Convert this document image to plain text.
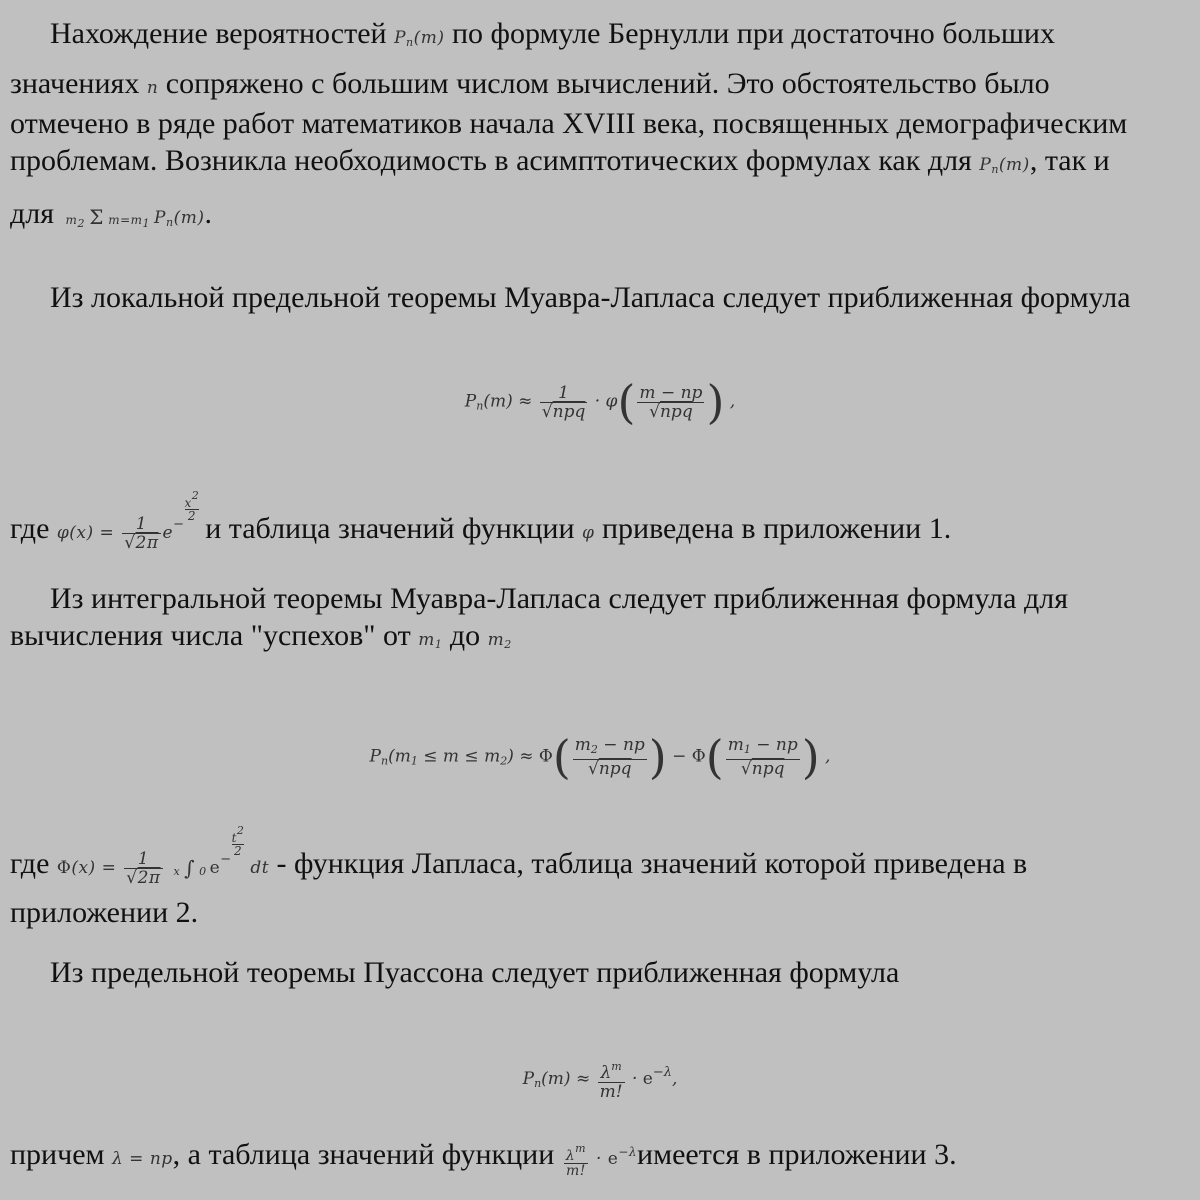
Нахождение вероятностей $P_n(m)$ по формуле Бернулли при достаточно больших
значениях n сопряжено с большим числом вычислений. Это обстоятельство было
отмечено в ряде работ математиков начала XVIII века, посвященных демографическим
проблемам. Возникла необходимость в асимптотических формулах как для $P_n(m)$, так и
для $m_2$ Σ $m=m_1$ $P_n(m)$.
Из локальной предельной теоремы Муавра-Лапласа следует приближенная формула
$P_n(m) \approx \frac{1}{\text{√npq}} \cdot \varphi( \frac{m - np}{\text{√npq}}$ ) ,
где $\varphi(x) = \frac{1}{√2\pi} e^{- \frac{x^2}{2}}$
и таблица значений функции φ приведена в приложении 1.
Из интегральной теоремы Муавра-Лапласа следует приближенная формула для
вычисления числа "успехов" от $m_1$ до $m_2$
$P_n(m_1 \le m \le m_2) \approx \Phi( \frac{m_2 - np}{\text{√npq}}$ ) − $\Phi( \frac{m_1 - np}{\text{√npq}}$ ) ,
где $\Phi(x) = \frac{1}{√2\pi}$ x ∫ 0 $e^{- \frac{t^2}{2}}$
dt - функция Лапласа, таблица значений которой приведена в
приложении 2.
Из предельной теоремы Пуассона следует приближенная формула
$P_n(m) \approx \frac{\lambda^m}{m!} \cdot e^{-\lambda}$,
причем λ = np, а таблица значений функции $\frac{\lambda^m}{m!}$ · $e^{-\lambda}имеется$ в приложении 3.
